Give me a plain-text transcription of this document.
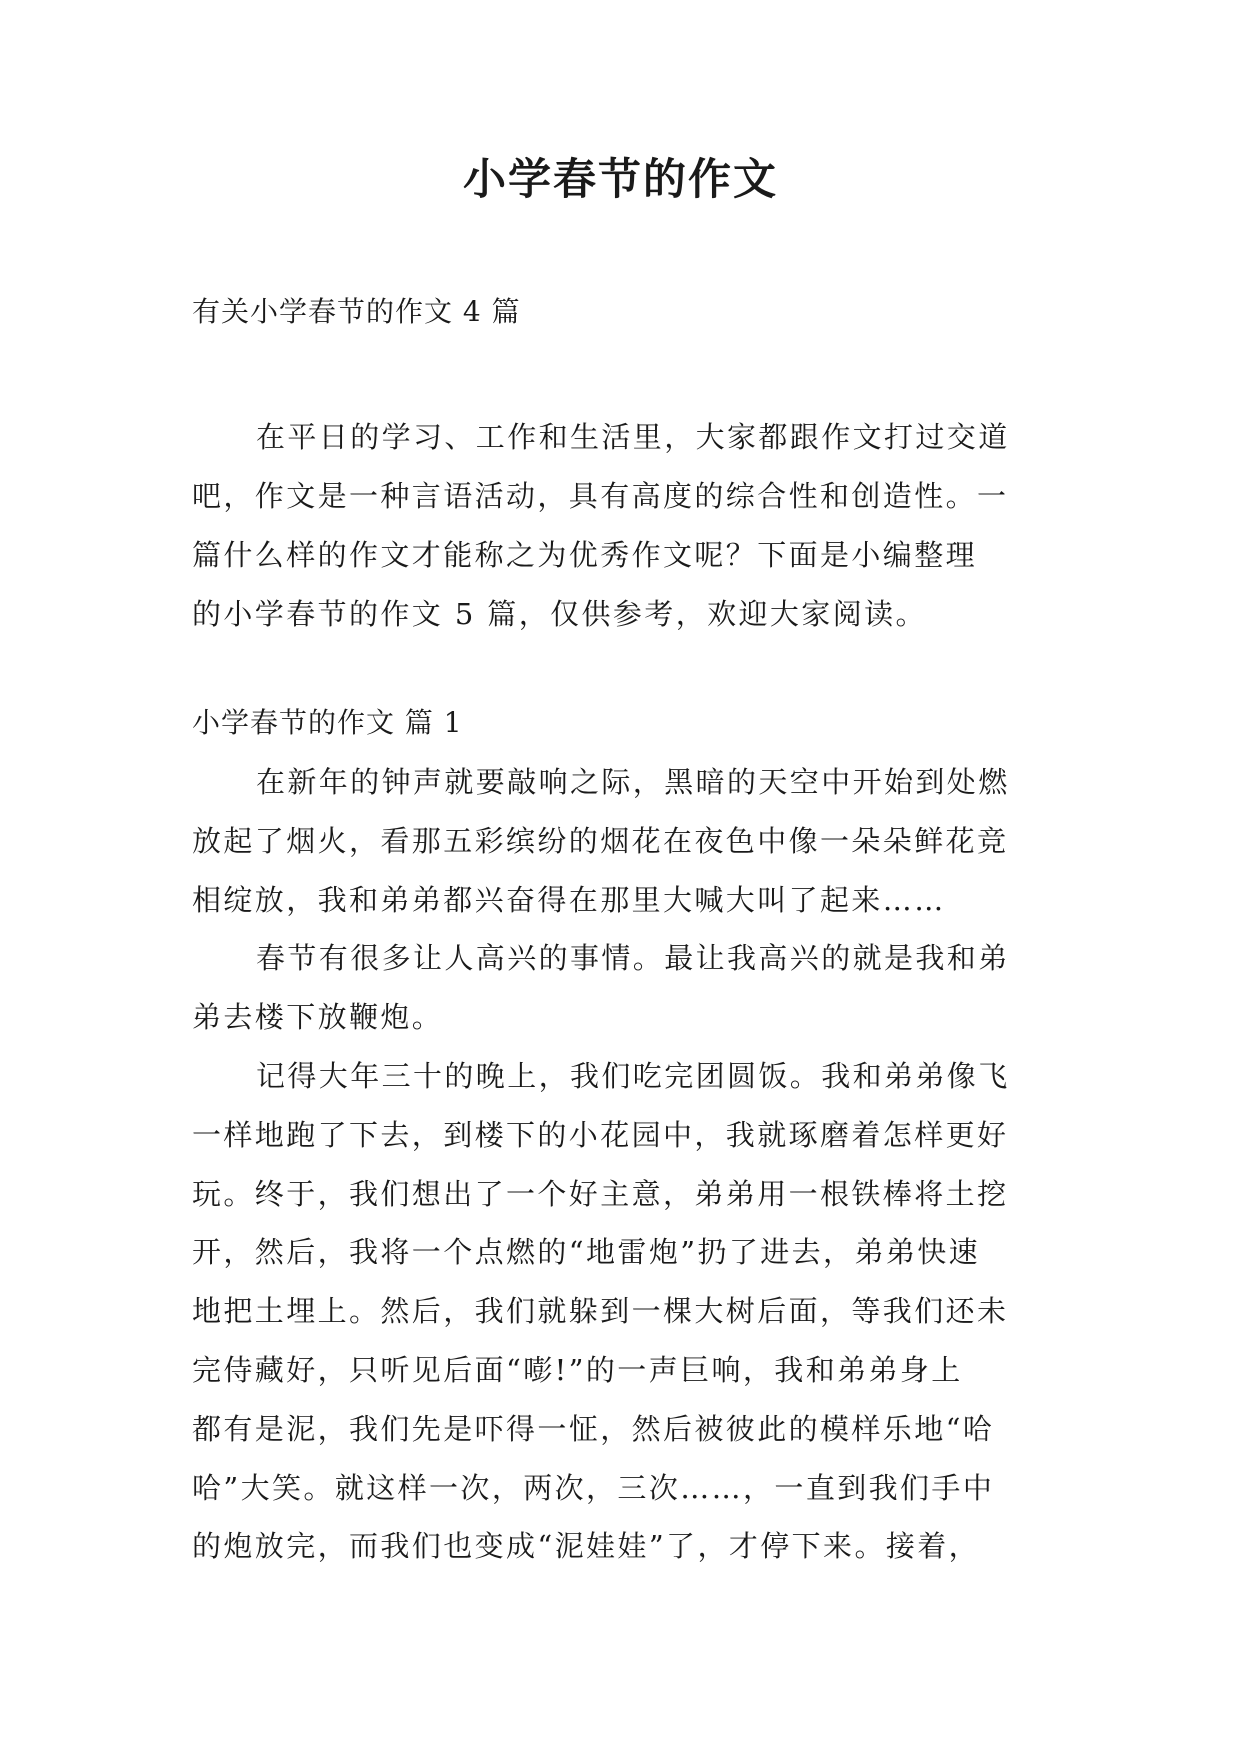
小学春节的作文
有关小学春节的作文 4 篇
在平日的学习、工作和生活里，大家都跟作文打过交道
吧，作文是一种言语活动，具有高度的综合性和创造性。一
篇什么样的作文才能称之为优秀作文呢？下面是小编整理
的小学春节的作文 5 篇，仅供参考，欢迎大家阅读。
小学春节的作文 篇 1
在新年的钟声就要敲响之际，黑暗的天空中开始到处燃
放起了烟火，看那五彩缤纷的烟花在夜色中像一朵朵鲜花竞
相绽放，我和弟弟都兴奋得在那里大喊大叫了起来……
春节有很多让人高兴的事情。最让我高兴的就是我和弟
弟去楼下放鞭炮。
记得大年三十的晚上，我们吃完团圆饭。我和弟弟像飞
一样地跑了下去，到楼下的小花园中，我就琢磨着怎样更好
玩。终于，我们想出了一个好主意，弟弟用一根铁棒将土挖
开，然后，我将一个点燃的“地雷炮”扔了进去，弟弟快速
地把土埋上。然后，我们就躲到一棵大树后面，等我们还未
完侍藏好，只听见后面“嘭!”的一声巨响，我和弟弟身上
都有是泥，我们先是吓得一怔，然后被彼此的模样乐地“哈
哈”大笑。就这样一次，两次，三次……，一直到我们手中
的炮放完，而我们也变成“泥娃娃”了，才停下来。接着，
